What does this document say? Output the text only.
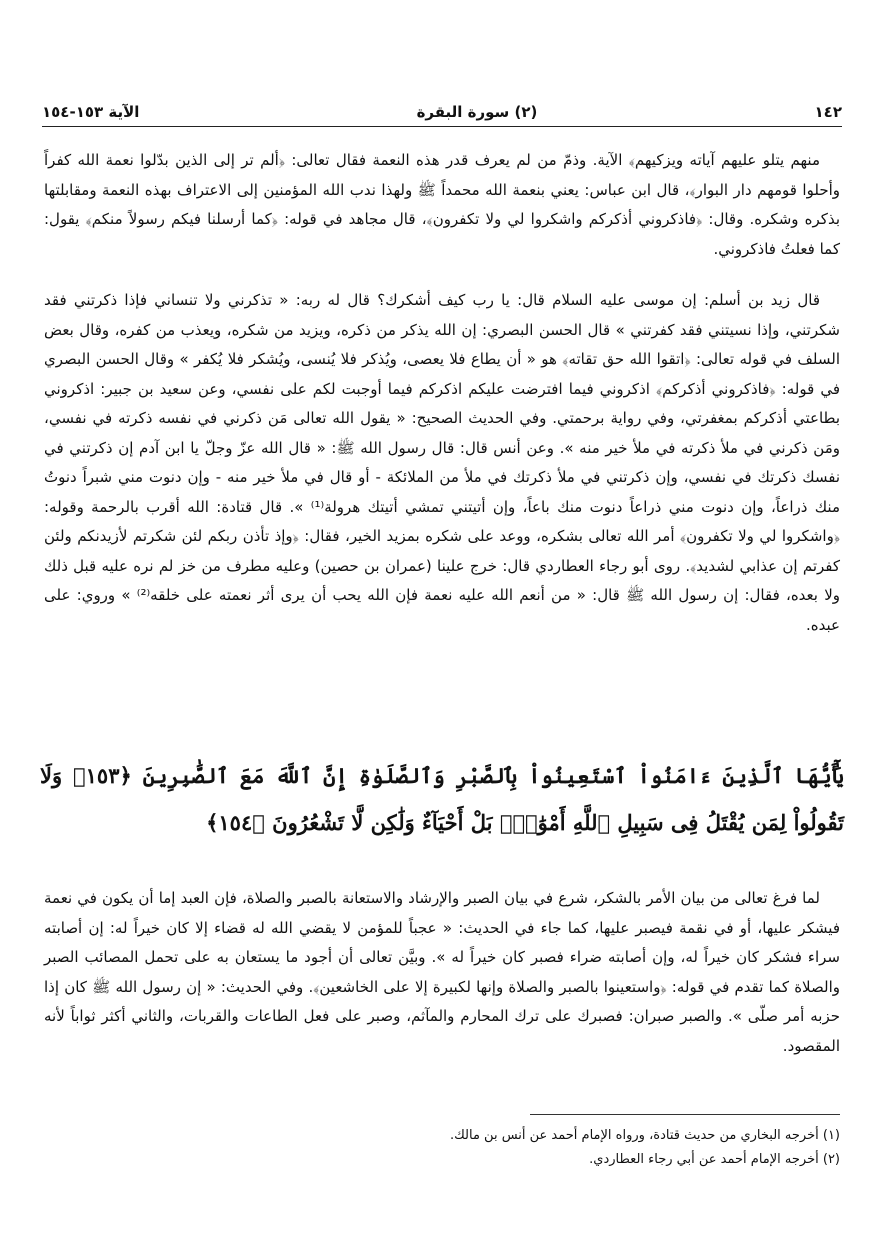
١٤٢
(٢) سورة البقرة
الآية ١٥٣-١٥٤

منهم يتلو عليهم آياته ويزكيهم﴾ الآية. وذمّ من لم يعرف قدر هذه النعمة فقال تعالى: ﴿ألم تر إلى الذين بدّلوا نعمة الله كفراً وأحلوا قومهم دار البوار﴾، قال ابن عباس: يعني بنعمة الله محمداً ﷺ ولهذا ندب الله المؤمنين إلى الاعتراف بهذه النعمة ومقابلتها بذكره وشكره. وقال: ﴿فاذكروني أذكركم واشكروا لي ولا تكفرون﴾، قال مجاهد في قوله: ﴿كما أرسلنا فيكم رسولاً منكم﴾ يقول: كما فعلتُ فاذكروني.

قال زيد بن أسلم: إن موسى عليه السلام قال: يا رب كيف أشكرك؟ قال له ربه: « تذكرني ولا تنساني فإذا ذكرتني فقد شكرتني، وإذا نسيتني فقد كفرتني » قال الحسن البصري: إن الله يذكر من ذكره، ويزيد من شكره، ويعذب من كفره، وقال بعض السلف في قوله تعالى: ﴿اتقوا الله حق تقاته﴾ هو « أن يطاع فلا يعصى، ويُذكر فلا يُنسى، ويُشكر فلا يُكفر » وقال الحسن البصري في قوله: ﴿فاذكروني أذكركم﴾ اذكروني فيما افترضت عليكم اذكركم فيما أوجبت لكم على نفسي، وعن سعيد بن جبير: اذكروني بطاعتي أذكركم بمغفرتي، وفي رواية برحمتي. وفي الحديث الصحيح: « يقول الله تعالى مَن ذكرني في نفسه ذكرته في نفسي، ومَن ذكرني في ملأ ذكرته في ملأ خير منه ». وعن أنس قال: قال رسول الله ﷺ: « قال الله عزّ وجلّ يا ابن آدم إن ذكرتني في نفسك ذكرتك في نفسي، وإن ذكرتني في ملأ ذكرتك في ملأ من الملائكة - أو قال في ملأ خير منه - وإن دنوت مني شبراً دنوتُ منك ذراعاً، وإن دنوت مني ذراعاً دنوت منك باعاً، وإن أتيتني تمشي أتيتك هرولة⁽¹⁾ ». قال قتادة: الله أقرب بالرحمة وقوله: ﴿واشكروا لي ولا تكفرون﴾ أمر الله تعالى بشكره، ووعد على شكره بمزيد الخير، فقال: ﴿وإذ تأذن ربكم لئن شكرتم لأزيدنكم ولئن كفرتم إن عذابي لشديد﴾. روى أبو رجاء العطاردي قال: خرج علينا (عمران بن حصين) وعليه مطرف من خز لم نره عليه قبل ذلك ولا بعده، فقال: إن رسول الله ﷺ قال: « من أنعم الله عليه نعمة فإن الله يحب أن يرى أثر نعمته على خلقه⁽²⁾ » وروي: على عبده.

يَٰٓأَيُّهَا ٱلَّذِينَ ءَامَنُواْ ٱسْتَعِينُواْ بِٱلصَّبْرِ وَٱلصَّلَوٰةِ إِنَّ ٱللَّهَ مَعَ ٱلصَّٰبِرِينَ ﴿١٥٣﴾ وَلَا تَقُولُواْ لِمَن يُقْتَلُ فِى سَبِيلِ ٱللَّهِ أَمْوَٰتٌۢ بَلْ أَحْيَآءٌ وَلَٰكِن لَّا تَشْعُرُونَ ﴿١٥٤﴾

لما فرغ تعالى من بيان الأمر بالشكر، شرع في بيان الصبر والإرشاد والاستعانة بالصبر والصلاة، فإن العبد إما أن يكون في نعمة فيشكر عليها، أو في نقمة فيصبر عليها، كما جاء في الحديث: « عجباً للمؤمن لا يقضي الله له قضاء إلا كان خيراً له: إن أصابته سراء فشكر كان خيراً له، وإن أصابته ضراء فصبر كان خيراً له ». وبيَّن تعالى أن أجود ما يستعان به على تحمل المصائب الصبر والصلاة كما تقدم في قوله: ﴿واستعينوا بالصبر والصلاة وإنها لكبيرة إلا على الخاشعين﴾. وفي الحديث: « إن رسول الله ﷺ كان إذا حزبه أمر صلّى ». والصبر صبران: فصبرك على ترك المحارم والمآثم، وصبر على فعل الطاعات والقربات، والثاني أكثر ثواباً لأنه المقصود.

(١) أخرجه البخاري من حديث قتادة، ورواه الإمام أحمد عن أنس بن مالك.
(٢) أخرجه الإمام أحمد عن أبي رجاء العطاردي.
